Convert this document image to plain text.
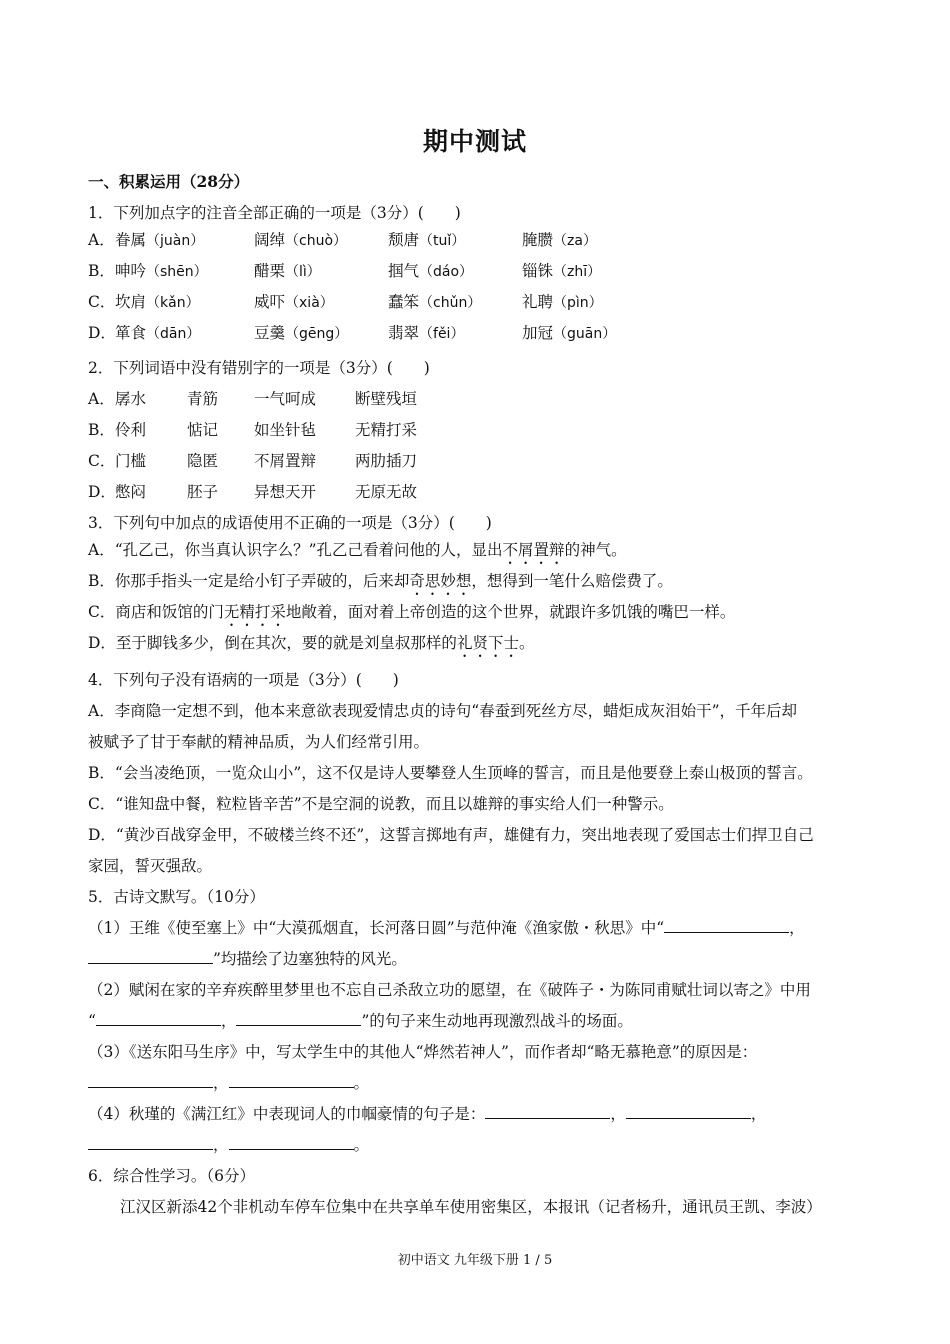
期中测试
一、积累运用（28分）
1．下列加点字的注音全部正确的一项是（3分）(　　)
A． 眷属（juàn）	阔绰（chuò）	颓唐（tuǐ）	腌臜（za）
B． 呻吟（shēn）	醋栗（lì）	掴气（dáo）	锱铢（zhī）
C． 坎肩（kǎn）	威吓（xià）	蠢笨（chǔn）	礼聘（pìn）
D． 箪食（dān）	豆羹（gēng）	翡翠（fěi）	加冠（guān）
2．下列词语中没有错别字的一项是（3分）(　　)
A． 孱水	青筋 一气呵成	断壁残垣
B． 伶利	惦记 如坐针毡	无精打采
C． 门槛	隐匿 不屑置辩	两肋插刀
D． 憋闷	胚子 异想天开	无原无故
3．下列句中加点的成语使用不正确的一项是（3分）(　　)
A．“孔乙己，你当真认识字么？”孔乙己看着问他的人，显出不屑置辩的神气。
B．你那手指头一定是给小钉子弄破的，后来却奇思妙想，想得到一笔什么赔偿费了。
C．商店和饭馆的门无精打采地敞着，面对着上帝创造的这个世界，就跟许多饥饿的嘴巴一样。
D．至于脚钱多少，倒在其次，要的就是刘皇叔那样的礼贤下士。
4．下列句子没有语病的一项是（3分）(　　)
A．李商隐一定想不到，他本来意欲表现爱情忠贞的诗句“春蚕到死丝方尽，蜡炬成灰泪始干”，千年后却
被赋予了甘于奉献的精神品质，为人们经常引用。
B．“会当凌绝顶，一览众山小”，这不仅是诗人要攀登人生顶峰的誓言，而且是他要登上泰山极顶的誓言。
C．“谁知盘中餐，粒粒皆辛苦”不是空洞的说教，而且以雄辩的事实给人们一种警示。
D．“黄沙百战穿金甲，不破楼兰终不还”，这誓言掷地有声，雄健有力，突出地表现了爱国志士们捍卫自己
家园，誓灭强敌。
5．古诗文默写。（10分）
（1）王维《使至塞上》中“大漠孤烟直，长河落日圆”与范仲淹《渔家傲・秋思》中“	，
”均描绘了边塞独特的风光。
（2）赋闲在家的辛弃疾醉里梦里也不忘自己杀敌立功的愿望，在《破阵子・为陈同甫赋壮词以寄之》中用
“	，	”的句子来生动地再现激烈战斗的场面。
（3）《送东阳马生序》中，写太学生中的其他人“烨然若神人”，而作者却“略无慕艳意”的原因是：
，	。
（4）秋瑾的《满江红》中表现词人的巾帼豪情的句子是：	，	，
，	。
6．综合性学习。（6分）
江汉区新添42个非机动车停车位集中在共享单车使用密集区，本报讯（记者杨升，通讯员王凯、李波）
初中语文 九年级下册 1 / 5
